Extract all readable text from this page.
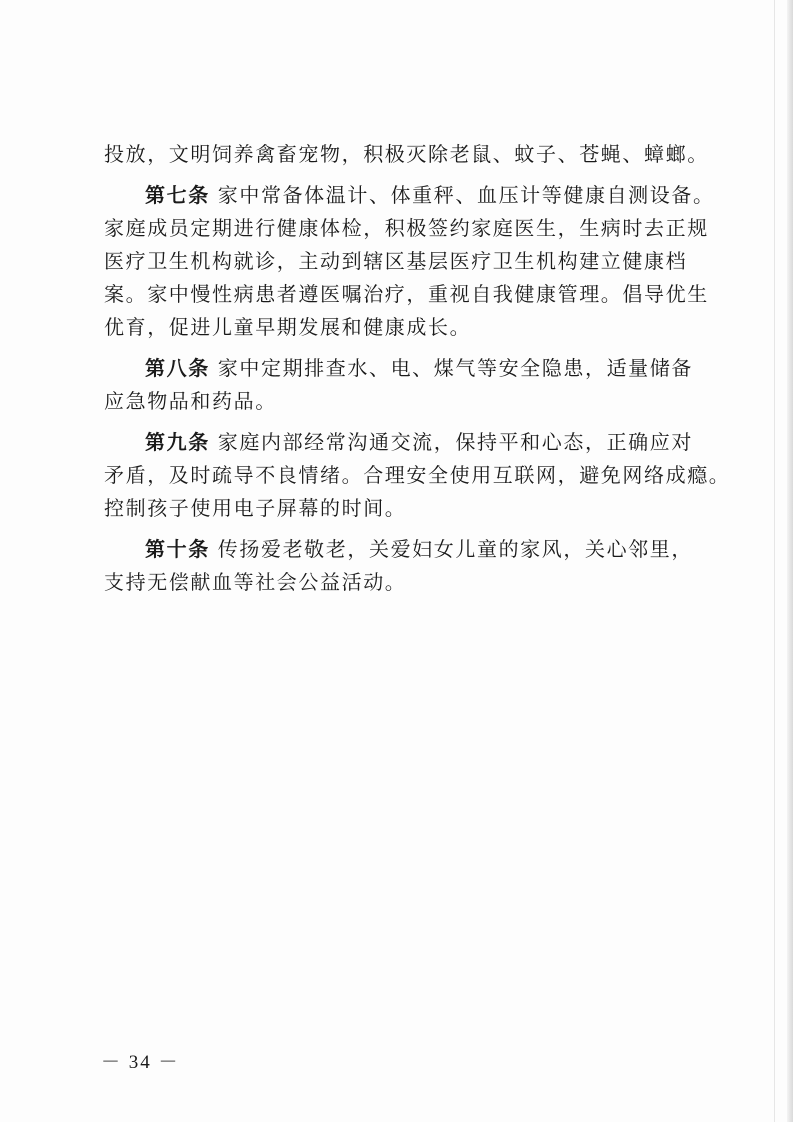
投放，文明饲养禽畜宠物，积极灭除老鼠、蚊子、苍蝇、蟑螂。
第七条 家中常备体温计、体重秤、血压计等健康自测设备。
家庭成员定期进行健康体检，积极签约家庭医生，生病时去正规
医疗卫生机构就诊，主动到辖区基层医疗卫生机构建立健康档
案。家中慢性病患者遵医嘱治疗，重视自我健康管理。倡导优生
优育，促进儿童早期发展和健康成长。
第八条 家中定期排查水、电、煤气等安全隐患，适量储备
应急物品和药品。
第九条 家庭内部经常沟通交流，保持平和心态，正确应对
矛盾，及时疏导不良情绪。合理安全使用互联网，避免网络成瘾。
控制孩子使用电子屏幕的时间。
第十条 传扬爱老敬老，关爱妇女儿童的家风，关心邻里，
支持无偿献血等社会公益活动。
－ 34 －
